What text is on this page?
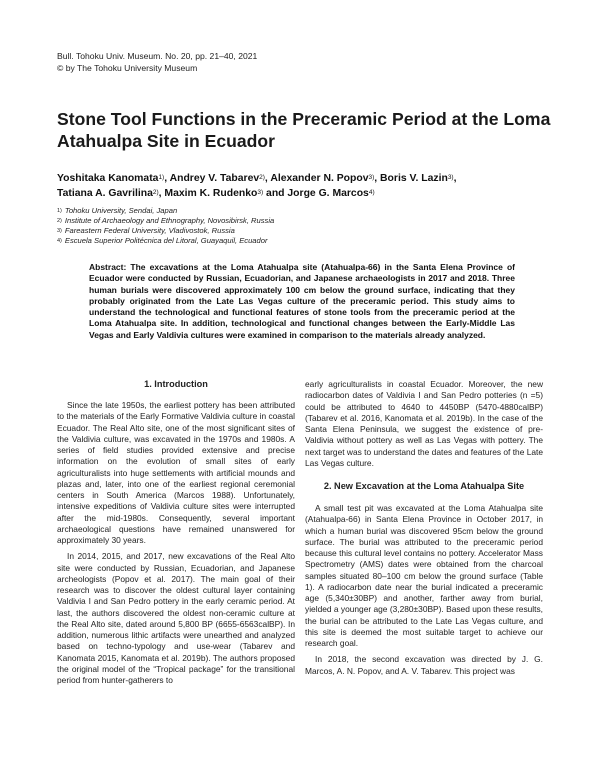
Bull. Tohoku Univ. Museum. No. 20, pp. 21–40, 2021
© by The Tohoku University Museum
Stone Tool Functions in the Preceramic Period at the Loma Atahualpa Site in Ecuador
Yoshitaka Kanomata$^{1)}$, Andrey V. Tabarev$^{2)}$, Alexander N. Popov$^{3)}$, Boris V. Lazin$^{3)}$,
Tatiana A. Gavrilina$^{2)}$, Maxim K. Rudenko$^{3)}$ and Jorge G. Marcos$^{4)}$
$^{1)}$ Tohoku University, Sendai, Japan
$^{2)}$ Institute of Archaeology and Ethnography, Novosibirsk, Russia
$^{3)}$ Fareastern Federal University, Vladivostok, Russia
$^{4)}$ Escuela Superior Politécnica del Litoral, Guayaquil, Ecuador
Abstract: The excavations at the Loma Atahualpa site (Atahualpa-66) in the Santa Elena Province of Ecuador were conducted by Russian, Ecuadorian, and Japanese archaeologists in 2017 and 2018. Three human burials were discovered approximately 100 cm below the ground surface, indicating that they probably originated from the Late Las Vegas culture of the preceramic period. This study aims to understand the technological and functional features of stone tools from the preceramic period at the Loma Atahualpa site. In addition, technological and functional changes between the Early-Middle Las Vegas and Early Valdivia cultures were examined in comparison to the materials already analyzed.
1. Introduction

Since the late 1950s, the earliest pottery has been attributed to the materials of the Early Formative Valdivia culture in coastal Ecuador. The Real Alto site, one of the most significant sites of the Valdivia culture, was excavated in the 1970s and 1980s. A series of field studies provided extensive and precise information on the evolution of small sites of early agriculturalists into huge settlements with artificial mounds and plazas and, later, into one of the earliest regional ceremonial centers in South America (Marcos 1988). Unfortunately, intensive expeditions of Valdivia culture sites were interrupted after the mid-1980s. Consequently, several important archaeological questions have remained unanswered for approximately 30 years.

In 2014, 2015, and 2017, new excavations of the Real Alto site were conducted by Russian, Ecuadorian, and Japanese archeologists (Popov et al. 2017). The main goal of their research was to discover the oldest cultural layer containing Valdivia I and San Pedro pottery in the early ceramic period. At last, the authors discovered the oldest non-ceramic culture at the Real Alto site, dated around 5,800 BP (6655-6563calBP). In addition, numerous lithic artifacts were unearthed and analyzed based on techno-typology and use-wear (Tabarev and Kanomata 2015, Kanomata et al. 2019b). The authors proposed the original model of the “Tropical package” for the transitional period from hunter-gatherers to

early agriculturalists in coastal Ecuador. Moreover, the new radiocarbon dates of Valdivia I and San Pedro potteries (n =5) could be attributed to 4640 to 4450BP (5470-4880calBP) (Tabarev et al. 2016, Kanomata et al. 2019b). In the case of the Santa Elena Peninsula, we suggest the existence of pre-Valdivia without pottery as well as Las Vegas with pottery. The next target was to understand the dates and features of the Late Las Vegas culture.

2. New Excavation at the Loma Atahualpa Site

A small test pit was excavated at the Loma Atahualpa site (Atahualpa-66) in Santa Elena Province in October 2017, in which a human burial was discovered 95cm below the ground surface. The burial was attributed to the preceramic period because this cultural level contains no pottery. Accelerator Mass Spectrometry (AMS) dates were obtained from the charcoal samples situated 80–100 cm below the ground surface (Table 1). A radiocarbon date near the burial indicated a preceramic age (5,340±30BP) and another, farther away from burial, yielded a younger age (3,280±30BP). Based upon these results, the burial can be attributed to the Late Las Vegas culture, and this site is deemed the most suitable target to achieve our research goal.

In 2018, the second excavation was directed by J. G. Marcos, A. N. Popov, and A. V. Tabarev. This project was
